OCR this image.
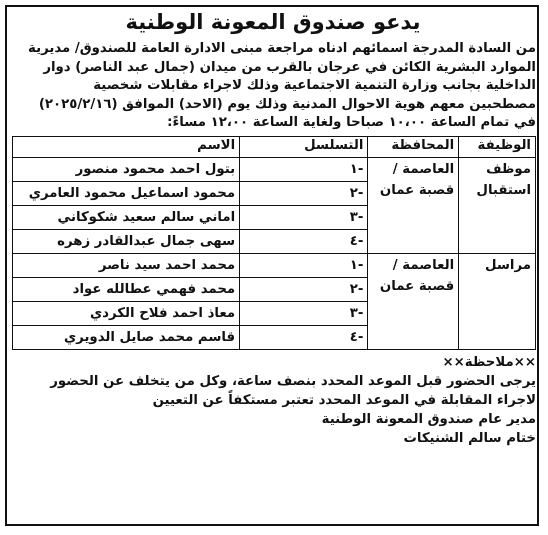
يدعو صندوق المعونة الوطنية

من السادة المدرجة اسمائهم ادناه مراجعة مبنى الادارة العامة للصندوق/ مديرية

الموارد البشرية الكائن في عرجان بالقرب من ميدان (جمال عبد الناصر) دوار

الداخلية بجانب وزارة التنمية الاجتماعية وذلك لاجراء مقابلات شخصية

مصطحبين معهم هوية الاحوال المدنية وذلك يوم (الاحد) الموافق (٢٠٢٥/٢/١٦)

في تمام الساعة ١٠،٠٠ صباحا ولغاية الساعة ١٢،٠٠ مساءً:

الوظيفة	المحافظة	التسلسل	الاسم
موظف استقبال	العاصمة / قصبة عمان	-١	بتول احمد محمود منصور
		-٢	محمود اسماعيل محمود العامري
		-٣	اماني سالم سعيد شكوكاني
		-٤	سهى جمال عبدالقادر زهره
مراسل	العاصمة / قصبة عمان	-١	محمد احمد سيد ناصر
		-٢	محمد فهمي عطالله عواد
		-٣	معاذ احمد فلاح الكردي
		-٤	قاسم محمد صايل الدويري

××ملاحظة××

يرجى الحضور قبل الموعد المحدد بنصف ساعة، وكل من يتخلف عن الحضور

لاجراء المقابلة في الموعد المحدد تعتبر مستكفاً عن التعيين

مدير عام صندوق المعونة الوطنية

ختام سالم الشنيكات
